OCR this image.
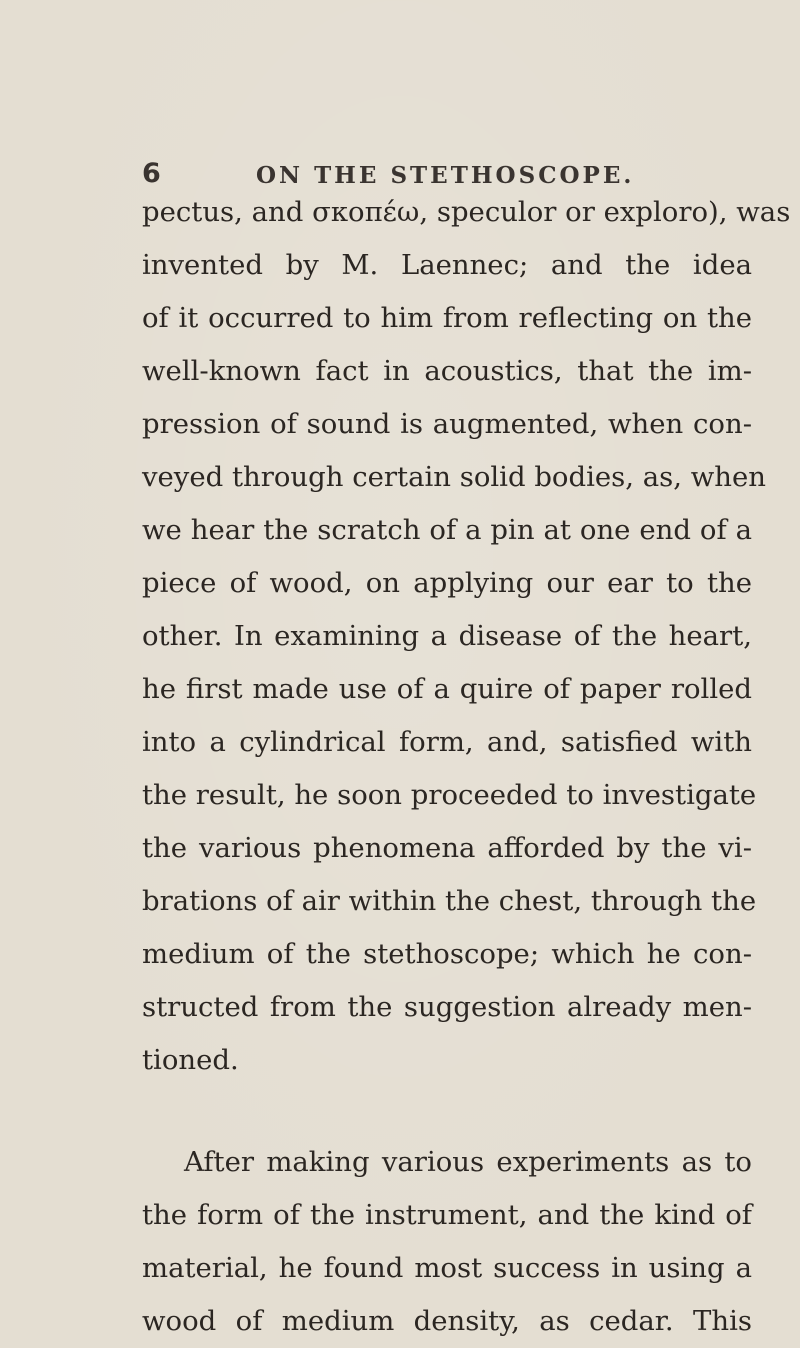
6	ON THE STETHOSCOPE.
pectus, and σκοπέω, speculor or exploro), was
invented by M. Laennec; and the idea
of it occurred to him from reflecting on the
well-known fact in acoustics, that the im-
pression of sound is augmented, when con-
veyed through certain solid bodies, as, when
we hear the scratch of a pin at one end of a
piece of wood, on applying our ear to the
other. In examining a disease of the heart,
he first made use of a quire of paper rolled
into a cylindrical form, and, satisfied with
the result, he soon proceeded to investigate
the various phenomena afforded by the vi-
brations of air within the chest, through the
medium of the stethoscope; which he con-
structed from the suggestion already men-
tioned.
After making various experiments as to
the form of the instrument, and the kind of
material, he found most success in using a
wood of medium density, as cedar. This
